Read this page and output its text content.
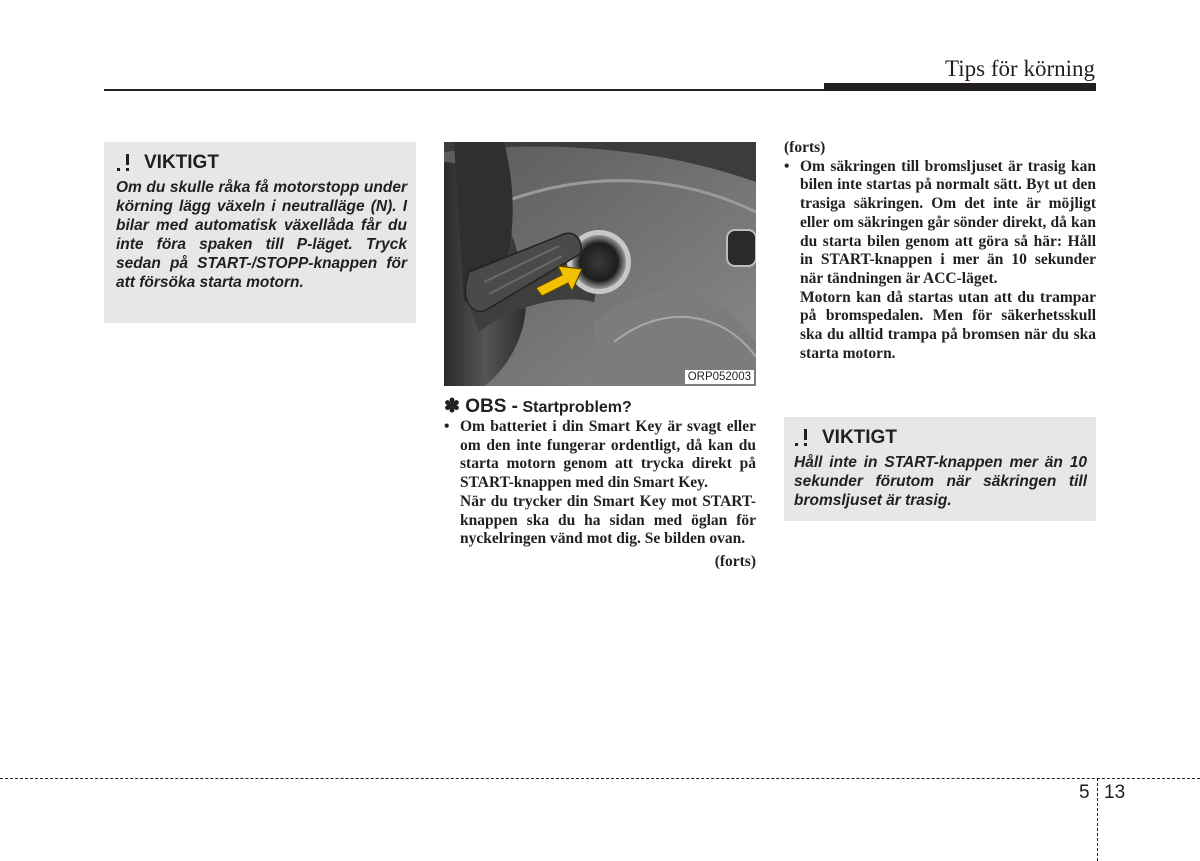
Tips för körning
VIKTIGT
Om du skulle råka få motorstopp under körning lägg växeln i neutralläge (N). I bilar med automatisk växellåda får du inte föra spaken till P-läget. Tryck sedan på START-/STOPP-knappen för att försöka starta motorn.
ORP052003
✽ OBS - Startproblem?
• Om batteriet i din Smart Key är svagt eller om den inte fungerar ordentligt, då kan du starta motorn genom att trycka direkt på START-knappen med din Smart Key.
När du trycker din Smart Key mot START-knappen ska du ha sidan med öglan för nyckelringen vänd mot dig. Se bilden ovan.
(forts)
(forts)
• Om säkringen till bromsljuset är trasig kan bilen inte startas på normalt sätt. Byt ut den trasiga säkringen. Om det inte är möjligt eller om säkringen går sönder direkt, då kan du starta bilen genom att göra så här: Håll in START-knappen i mer än 10 sekunder när tändningen är ACC-läget.
Motorn kan då startas utan att du trampar på bromspedalen. Men för säkerhetsskull ska du alltid trampa på bromsen när du ska starta motorn.
VIKTIGT
Håll inte in START-knappen mer än 10 sekunder förutom när säkringen till bromsljuset är trasig.
5 13
